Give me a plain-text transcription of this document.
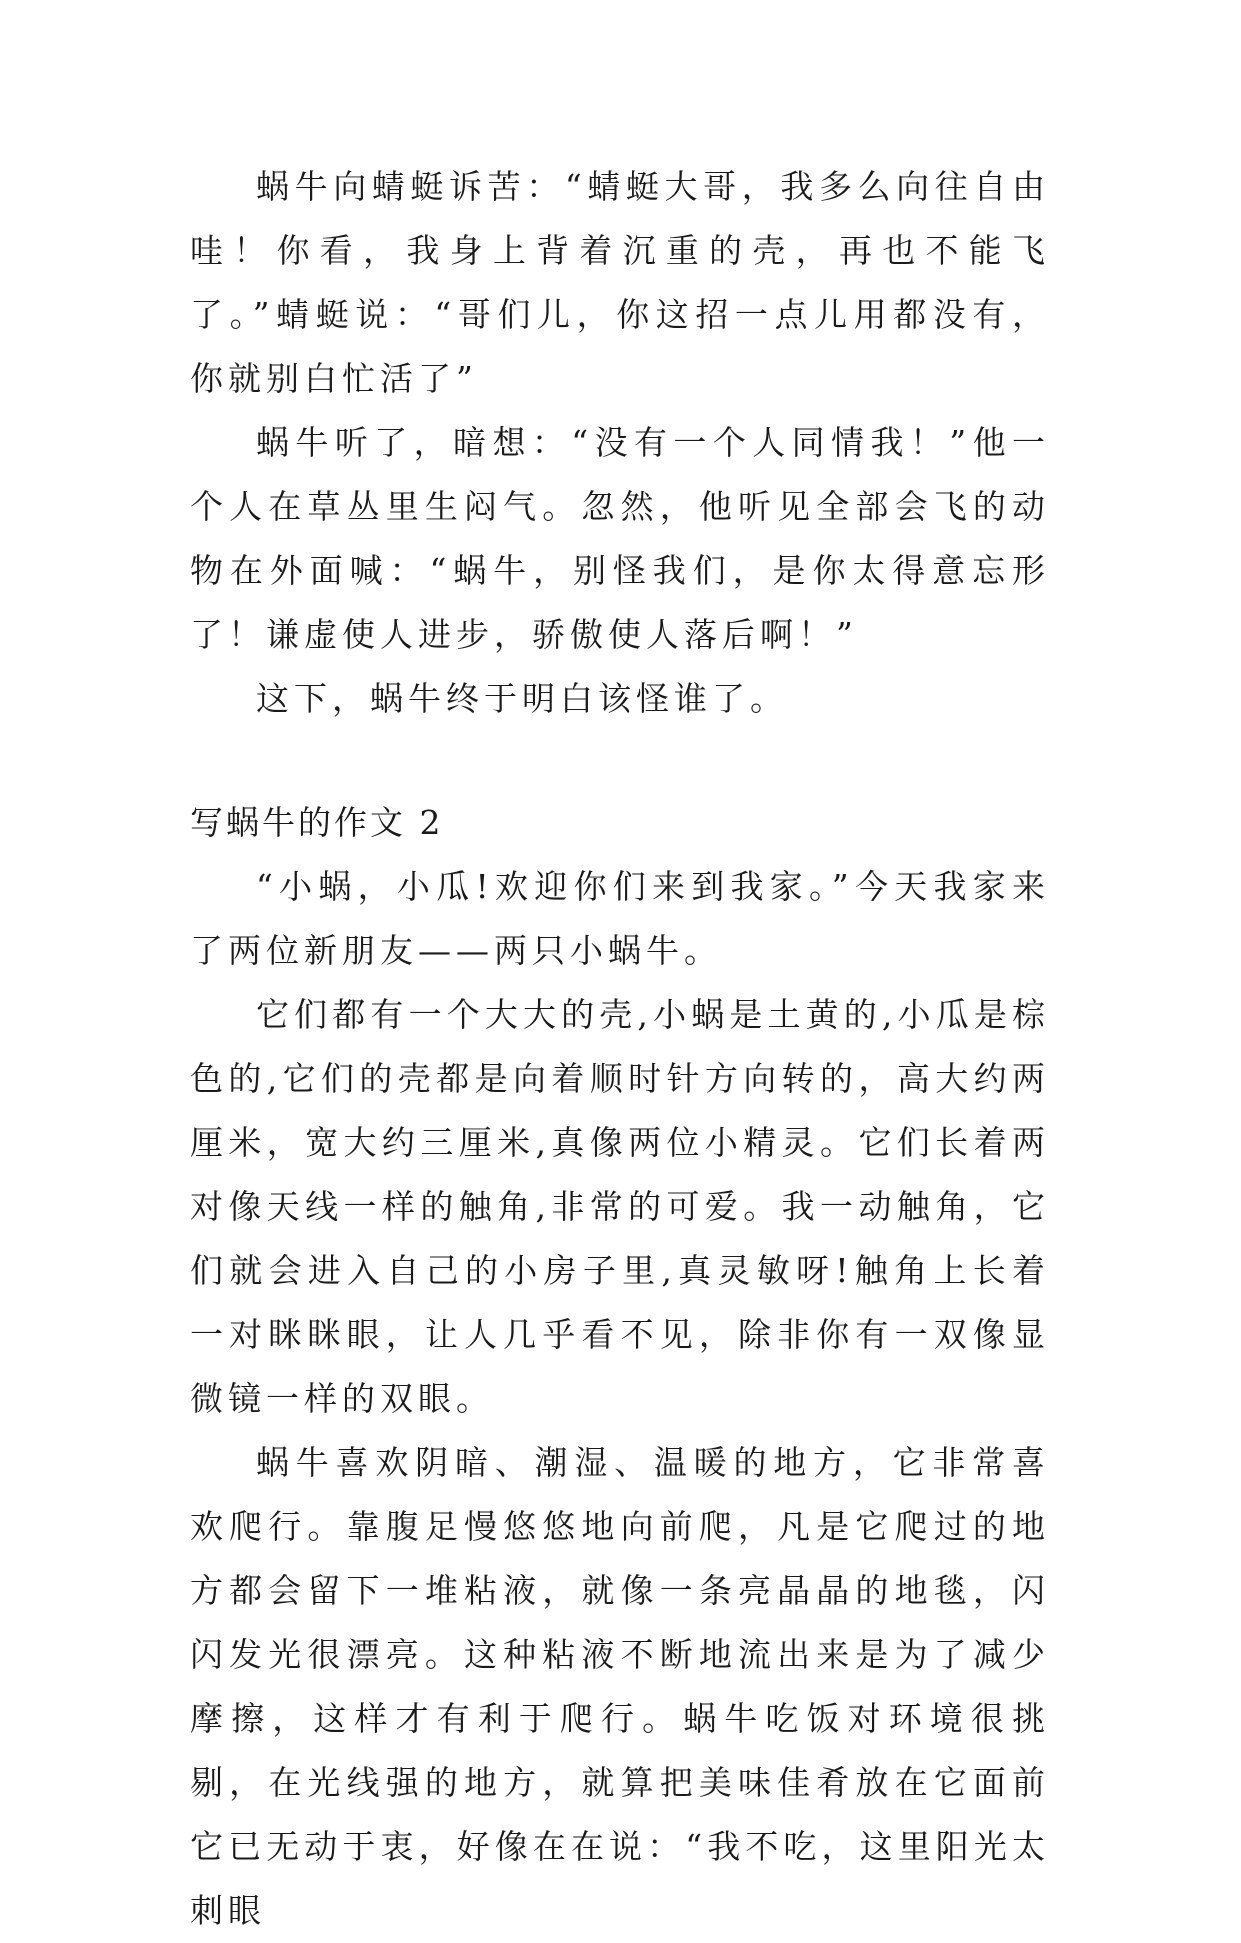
蜗牛向蜻蜓诉苦：“蜻蜓大哥，我多么向往自由哇！你看，我身上背着沉重的壳，再也不能飞了。”蜻蜓说：“哥们儿，你这招一点儿用都没有，你就别白忙活了”

蜗牛听了，暗想：“没有一个人同情我！”他一个人在草丛里生闷气。忽然，他听见全部会飞的动物在外面喊：“蜗牛，别怪我们，是你太得意忘形了！谦虚使人进步，骄傲使人落后啊！”

这下，蜗牛终于明白该怪谁了。

写蜗牛的作文 2

“小蜗，小瓜!欢迎你们来到我家。”今天我家来了两位新朋友——两只小蜗牛。

它们都有一个大大的壳,小蜗是土黄的,小瓜是棕色的,它们的壳都是向着顺时针方向转的，高大约两厘米，宽大约三厘米,真像两位小精灵。它们长着两对像天线一样的触角,非常的可爱。我一动触角，它们就会进入自己的小房子里,真灵敏呀!触角上长着一对眯眯眼，让人几乎看不见，除非你有一双像显微镜一样的双眼。

蜗牛喜欢阴暗、潮湿、温暖的地方，它非常喜欢爬行。靠腹足慢悠悠地向前爬，凡是它爬过的地方都会留下一堆粘液，就像一条亮晶晶的地毯，闪闪发光很漂亮。这种粘液不断地流出来是为了减少摩擦，这样才有利于爬行。蜗牛吃饭对环境很挑剔，在光线强的地方，就算把美味佳肴放在它面前它已无动于衷，好像在在说：“我不吃，这里阳光太刺眼
